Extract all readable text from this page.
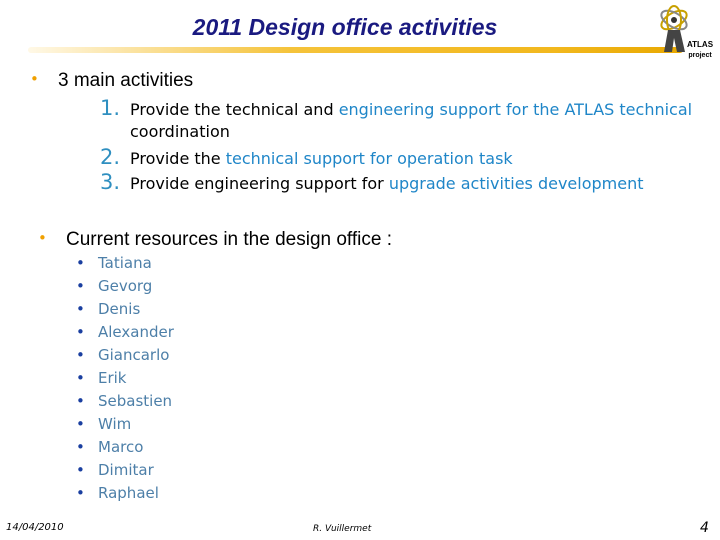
2011 Design office activities
ATLAS
project
• 3 main activities
1. Provide the technical and engineering support for the ATLAS technical
coordination
2. Provide the technical support for operation task
3. Provide engineering support for upgrade activities development
• Current resources in the design office :
• Tatiana
• Gevorg
• Denis
• Alexander
• Giancarlo
• Erik
• Sebastien
• Wim
• Marco
• Dimitar
• Raphael
14/04/2010	R. Vuillermet	4
